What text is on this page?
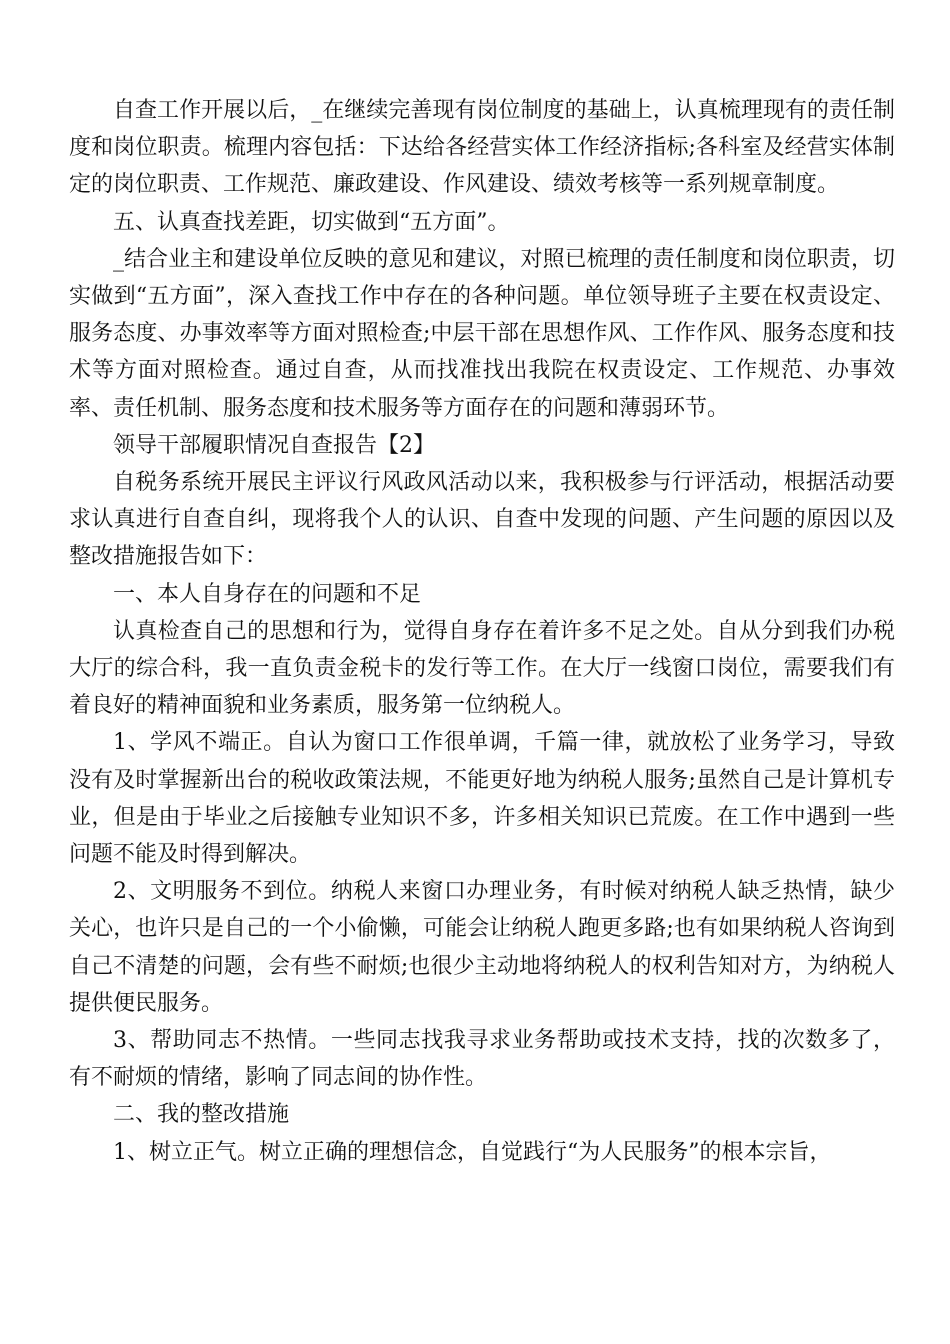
自查工作开展以后，_在继续完善现有岗位制度的基础上，认真梳理现有的责任制度和岗位职责。梳理内容包括：下达给各经营实体工作经济指标;各科室及经营实体制定的岗位职责、工作规范、廉政建设、作风建设、绩效考核等一系列规章制度。

五、认真查找差距，切实做到“五方面”。

_结合业主和建设单位反映的意见和建议，对照已梳理的责任制度和岗位职责，切实做到“五方面”，深入查找工作中存在的各种问题。单位领导班子主要在权责设定、服务态度、办事效率等方面对照检查;中层干部在思想作风、工作作风、服务态度和技术等方面对照检查。通过自查，从而找准找出我院在权责设定、工作规范、办事效率、责任机制、服务态度和技术服务等方面存在的问题和薄弱环节。

领导干部履职情况自查报告【2】

自税务系统开展民主评议行风政风活动以来，我积极参与行评活动，根据活动要求认真进行自查自纠，现将我个人的认识、自查中发现的问题、产生问题的原因以及整改措施报告如下：

一、本人自身存在的问题和不足

认真检查自己的思想和行为，觉得自身存在着许多不足之处。自从分到我们办税大厅的综合科，我一直负责金税卡的发行等工作。在大厅一线窗口岗位，需要我们有着良好的精神面貌和业务素质，服务第一位纳税人。

1、学风不端正。自认为窗口工作很单调，千篇一律，就放松了业务学习，导致没有及时掌握新出台的税收政策法规，不能更好地为纳税人服务;虽然自己是计算机专业，但是由于毕业之后接触专业知识不多，许多相关知识已荒废。在工作中遇到一些问题不能及时得到解决。

2、文明服务不到位。纳税人来窗口办理业务，有时候对纳税人缺乏热情，缺少关心，也许只是自己的一个小偷懒，可能会让纳税人跑更多路;也有如果纳税人咨询到自己不清楚的问题，会有些不耐烦;也很少主动地将纳税人的权利告知对方，为纳税人提供便民服务。

3、帮助同志不热情。一些同志找我寻求业务帮助或技术支持，找的次数多了，有不耐烦的情绪，影响了同志间的协作性。

二、我的整改措施

1、树立正气。树立正确的理想信念，自觉践行“为人民服务”的根本宗旨，
